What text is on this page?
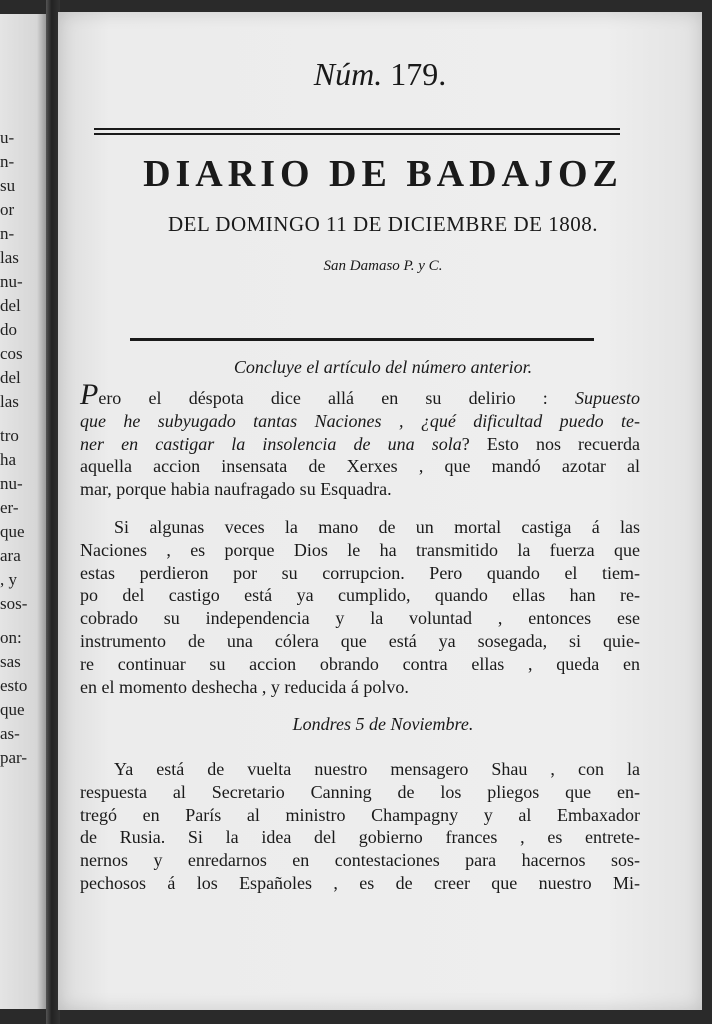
u-
n-
su
or
n-
las
nu-
del
do
cos
del
las
tro
ha
nu-
er-
que
ara
, y
sos-
on:
sas
esto
que
as-
par-
Núm. 179.
DIARIO DE BADAJOZ
DEL DOMINGO 11 DE DICIEMBRE DE 1808.
San Damaso P. y C.
Concluye el artículo del número anterior.
Pero el déspota dice allá en su delirio : Supuesto
que he subyugado tantas Naciones , ¿qué dificultad puedo te-
ner en castigar la insolencia de una sola? Esto nos recuerda
aquella accion insensata de Xerxes , que mandó azotar al
mar, porque habia naufragado su Esquadra.
Si algunas veces la mano de un mortal castiga á las
Naciones , es porque Dios le ha transmitido la fuerza que
estas perdieron por su corrupcion. Pero quando el tiem-
po del castigo está ya cumplido, quando ellas han re-
cobrado su independencia y la voluntad , entonces ese
instrumento de una cólera que está ya sosegada, si quie-
re continuar su accion obrando contra ellas , queda en
en el momento deshecha , y reducida á polvo.
Londres 5 de Noviembre.
Ya está de vuelta nuestro mensagero Shau , con la
respuesta al Secretario Canning de los pliegos que en-
tregó en París al ministro Champagny y al Embaxador
de Rusia. Si la idea del gobierno frances , es entrete-
nernos y enredarnos en contestaciones para hacernos sos-
pechosos á los Españoles , es de creer que nuestro Mi-
